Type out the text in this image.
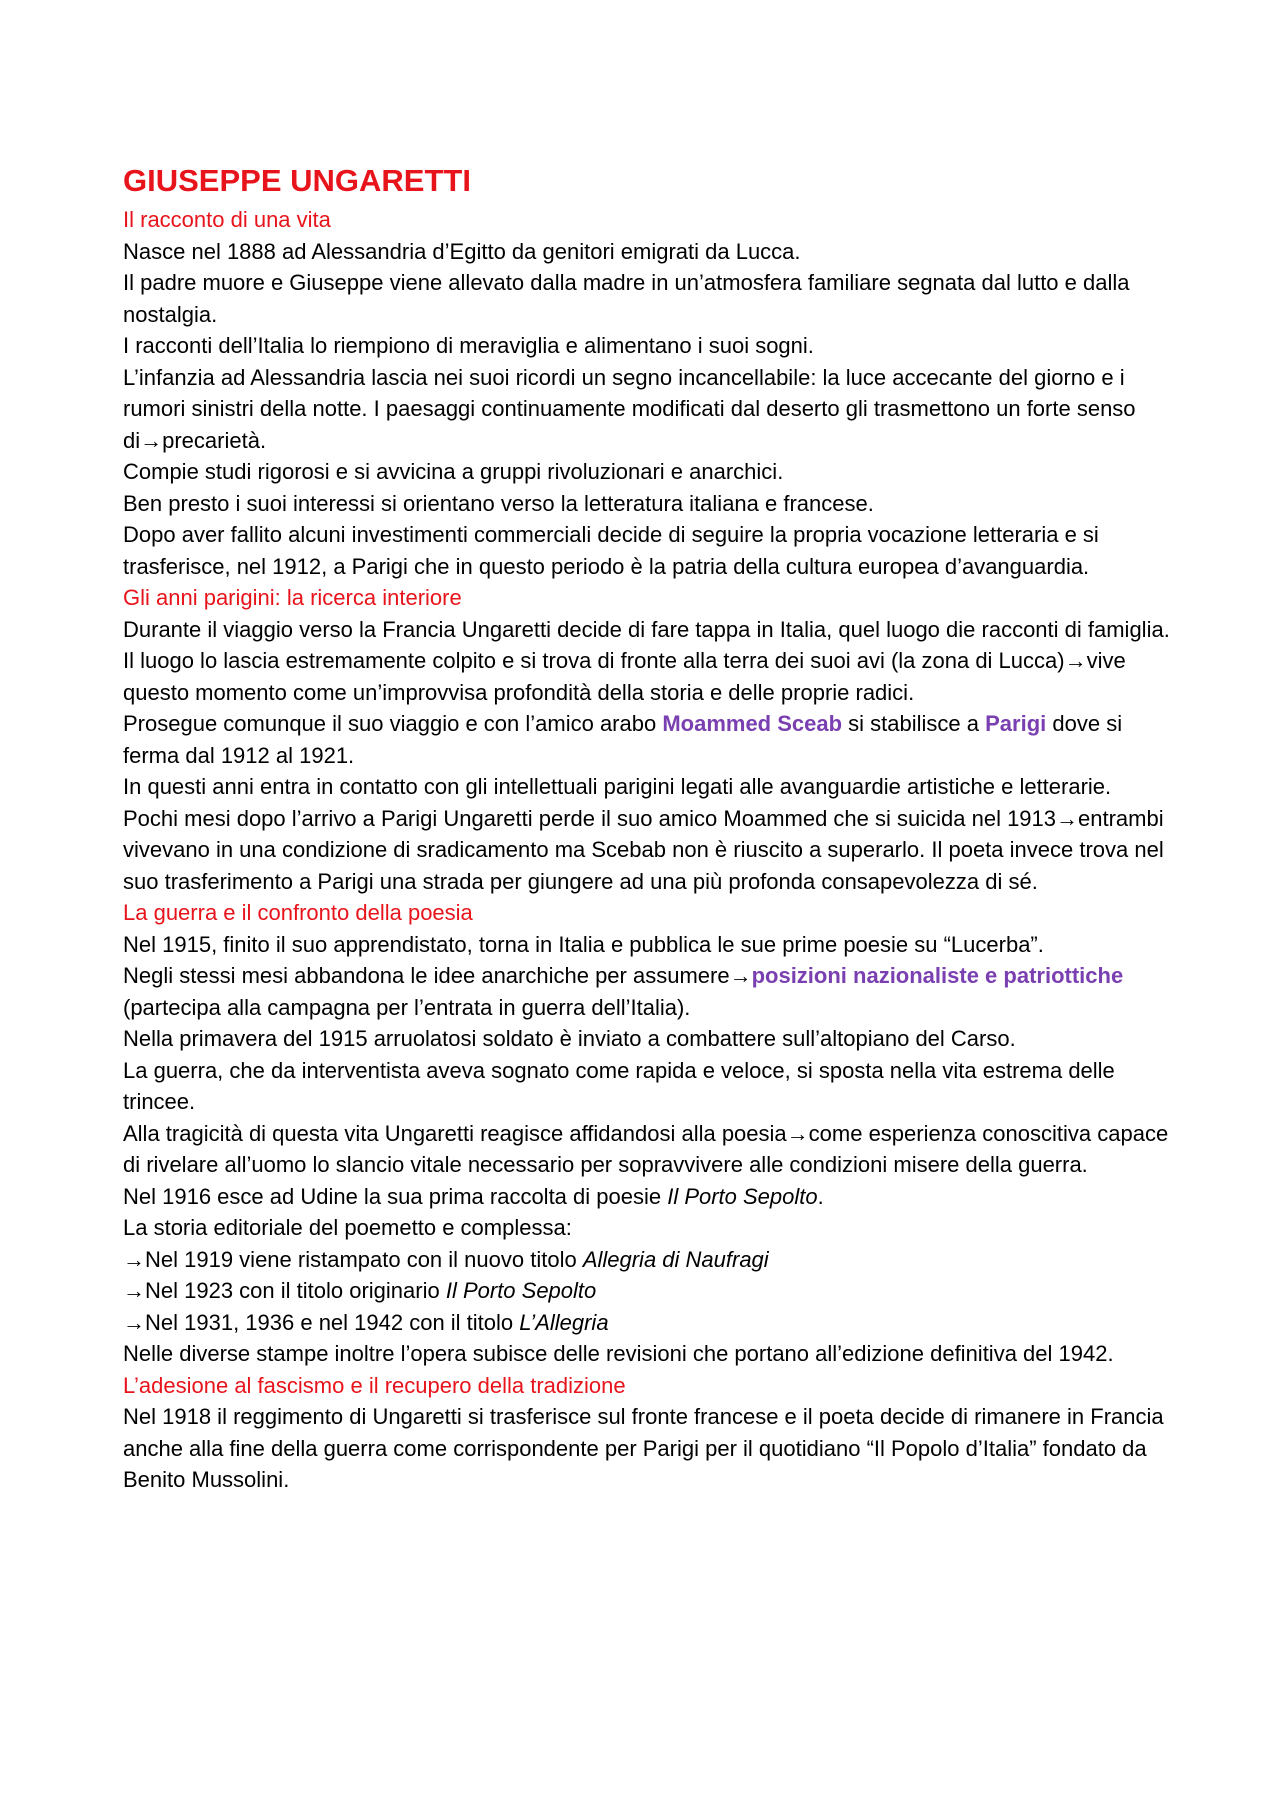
GIUSEPPE UNGARETTI
Il racconto di una vita

Nasce nel 1888 ad Alessandria d’Egitto da genitori emigrati da Lucca.

Il padre muore e Giuseppe viene allevato dalla madre in un’atmosfera familiare segnata dal lutto e dalla nostalgia.

I racconti dell’Italia lo riempiono di meraviglia e alimentano i suoi sogni.

L’infanzia ad Alessandria lascia nei suoi ricordi un segno incancellabile: la luce accecante del giorno e i rumori sinistri della notte. I paesaggi continuamente modificati dal deserto gli trasmettono un forte senso di→precarietà.

Compie studi rigorosi e si avvicina a gruppi rivoluzionari e anarchici.

Ben presto i suoi interessi si orientano verso la letteratura italiana e francese.

Dopo aver fallito alcuni investimenti commerciali decide di seguire la propria vocazione letteraria e si trasferisce, nel 1912, a Parigi che in questo periodo è la patria della cultura europea d’avanguardia.

Gli anni parigini: la ricerca interiore

Durante il viaggio verso la Francia Ungaretti decide di fare tappa in Italia, quel luogo die racconti di famiglia. Il luogo lo lascia estremamente colpito e si trova di fronte alla terra dei suoi avi (la zona di Lucca)→vive questo momento come un’improvvisa profondità della storia e delle proprie radici.

Prosegue comunque il suo viaggio e con l’amico arabo Moammed Sceab si stabilisce a Parigi dove si ferma dal 1912 al 1921.

In questi anni entra in contatto con gli intellettuali parigini legati alle avanguardie artistiche e letterarie.

Pochi mesi dopo l’arrivo a Parigi Ungaretti perde il suo amico Moammed che si suicida nel 1913→entrambi vivevano in una condizione di sradicamento ma Scebab non è riuscito a superarlo. Il poeta invece trova nel suo trasferimento a Parigi una strada per giungere ad una più profonda consapevolezza di sé.

La guerra e il confronto della poesia

Nel 1915, finito il suo apprendistato, torna in Italia e pubblica le sue prime poesie su “Lucerba”.

Negli stessi mesi abbandona le idee anarchiche per assumere→posizioni nazionaliste e patriottiche (partecipa alla campagna per l’entrata in guerra dell’Italia).

Nella primavera del 1915 arruolatosi soldato è inviato a combattere sull’altopiano del Carso.

La guerra, che da interventista aveva sognato come rapida e veloce, si sposta nella vita estrema delle trincee.

Alla tragicità di questa vita Ungaretti reagisce affidandosi alla poesia→come esperienza conoscitiva capace di rivelare all’uomo lo slancio vitale necessario per sopravvivere alle condizioni misere della guerra.

Nel 1916 esce ad Udine la sua prima raccolta di poesie Il Porto Sepolto.

La storia editoriale del poemetto e complessa:

→Nel 1919 viene ristampato con il nuovo titolo Allegria di Naufragi

→Nel 1923 con il titolo originario Il Porto Sepolto

→Nel 1931, 1936 e nel 1942 con il titolo L’Allegria

Nelle diverse stampe inoltre l’opera subisce delle revisioni che portano all’edizione definitiva del 1942.

L’adesione al fascismo e il recupero della tradizione

Nel 1918 il reggimento di Ungaretti si trasferisce sul fronte francese e il poeta decide di rimanere in Francia anche alla fine della guerra come corrispondente per Parigi per il quotidiano “Il Popolo d’Italia” fondato da Benito Mussolini.
